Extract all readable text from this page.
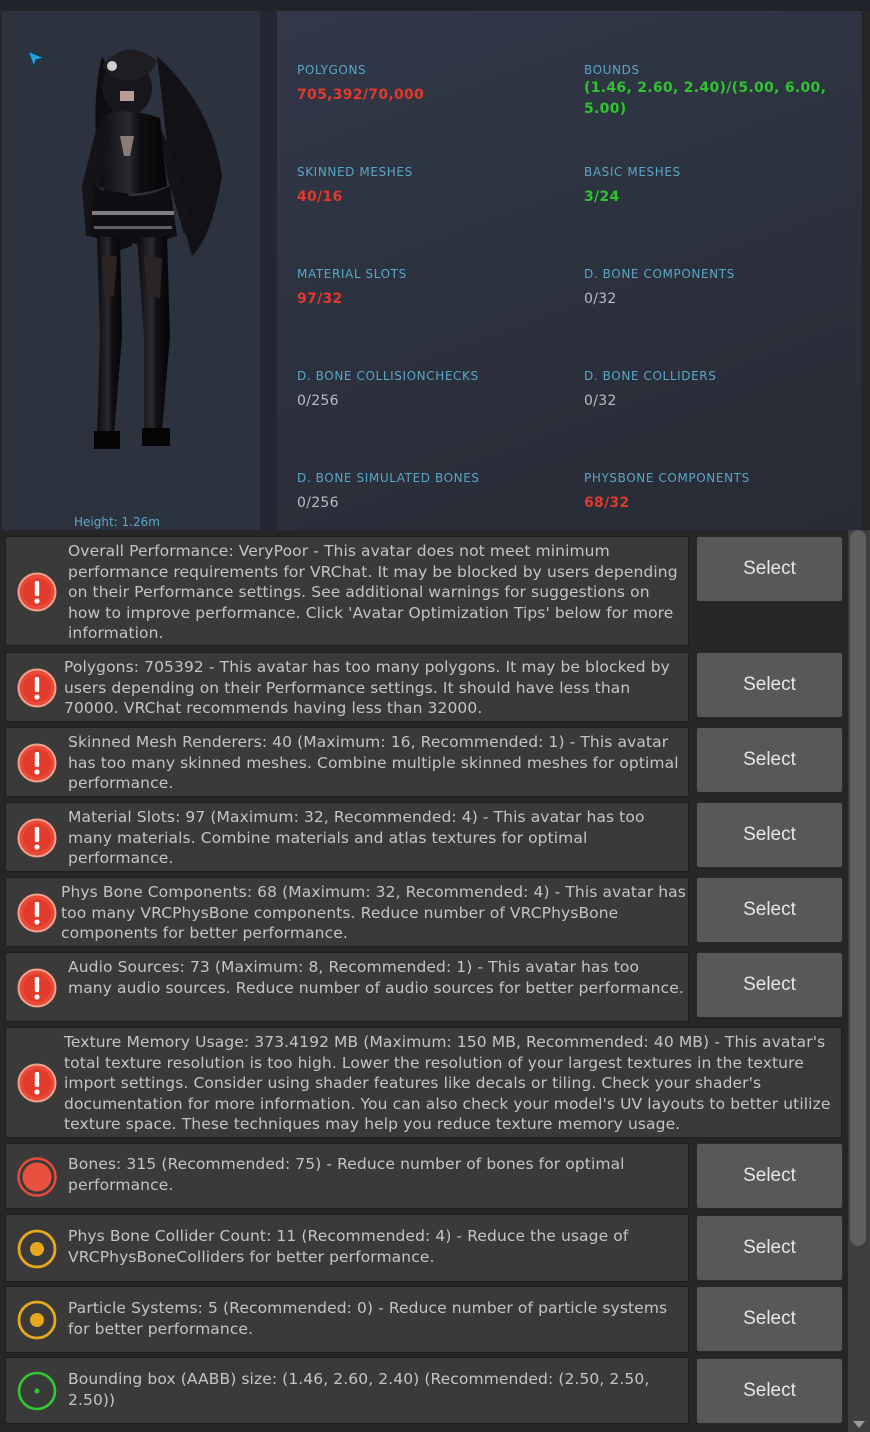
Height: 1.26m
POLYGONS
705,392/70,000
BOUNDS
(1.46, 2.60, 2.40)/(5.00, 6.00, 5.00)
SKINNED MESHES
40/16
BASIC MESHES
3/24
MATERIAL SLOTS
97/32
D. BONE COMPONENTS
0/32
D. BONE COLLISIONCHECKS
0/256
D. BONE COLLIDERS
0/32
D. BONE SIMULATED BONES
0/256
PHYSBONE COMPONENTS
68/32
Overall Performance: VeryPoor - This avatar does not meet minimum performance requirements for VRChat. It may be blocked by users depending on their Performance settings. See additional warnings for suggestions on how to improve performance. Click 'Avatar Optimization Tips' below for more information.
Select
Polygons: 705392 - This avatar has too many polygons. It may be blocked by users depending on their Performance settings. It should have less than 70000. VRChat recommends having less than 32000.
Select
Skinned Mesh Renderers: 40 (Maximum: 16, Recommended: 1) - This avatar has too many skinned meshes. Combine multiple skinned meshes for optimal performance.
Select
Material Slots: 97 (Maximum: 32, Recommended: 4) - This avatar has too many materials. Combine materials and atlas textures for optimal performance.
Select
Phys Bone Components: 68 (Maximum: 32, Recommended: 4) - This avatar has too many VRCPhysBone components. Reduce number of VRCPhysBone components for better performance.
Select
Audio Sources: 73 (Maximum: 8, Recommended: 1) - This avatar has too many audio sources. Reduce number of audio sources for better performance.	Select
Texture Memory Usage: 373.4192 MB (Maximum: 150 MB, Recommended: 40 MB) - This avatar's total texture resolution is too high. Lower the resolution of your largest textures in the texture import settings. Consider using shader features like decals or tiling. Check your shader's documentation for more information. You can also check your model's UV layouts to better utilize texture space. These techniques may help you reduce texture memory usage.
Bones: 315 (Recommended: 75) - Reduce number of bones for optimal performance.	Select
Phys Bone Collider Count: 11 (Recommended: 4) - Reduce the usage of VRCPhysBoneColliders for better performance.	Select
Particle Systems: 5 (Recommended: 0) - Reduce number of particle systems for better performance.	Select
Bounding box (AABB) size: (1.46, 2.60, 2.40) (Recommended: (2.50, 2.50, 2.50))	Select
